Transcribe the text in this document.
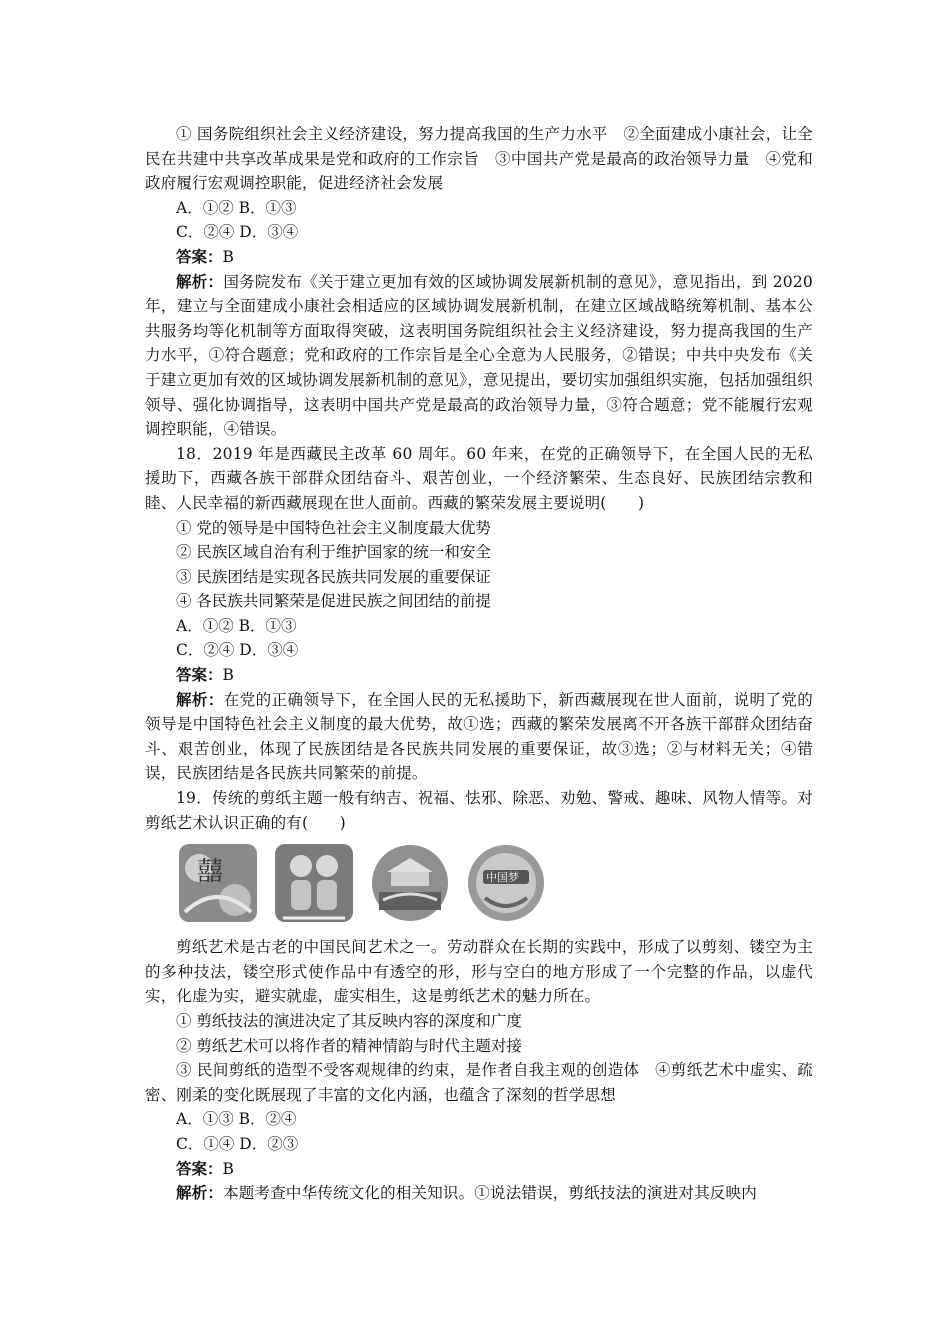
① 国务院组织社会主义经济建设，努力提高我国的生产力水平　②全面建成小康社会，让全民在共建中共享改革成果是党和政府的工作宗旨　③中国共产党是最高的政治领导力量　④党和政府履行宏观调控职能，促进经济社会发展

A．①② B．①③

C．②④ D．③④

答案：B

解析：国务院发布《关于建立更加有效的区域协调发展新机制的意见》，意见指出，到 2020 年，建立与全面建成小康社会相适应的区域协调发展新机制，在建立区域战略统筹机制、基本公共服务均等化机制等方面取得突破，这表明国务院组织社会主义经济建设，努力提高我国的生产力水平，①符合题意；党和政府的工作宗旨是全心全意为人民服务，②错误；中共中央发布《关于建立更加有效的区域协调发展新机制的意见》，意见提出，要切实加强组织实施，包括加强组织领导、强化协调指导，这表明中国共产党是最高的政治领导力量，③符合题意；党不能履行宏观调控职能，④错误。

18．2019 年是西藏民主改革 60 周年。60 年来，在党的正确领导下，在全国人民的无私援助下，西藏各族干部群众团结奋斗、艰苦创业，一个经济繁荣、生态良好、民族团结宗教和睦、人民幸福的新西藏展现在世人面前。西藏的繁荣发展主要说明(　　)

① 党的领导是中国特色社会主义制度最大优势

② 民族区域自治有利于维护国家的统一和安全

③ 民族团结是实现各民族共同发展的重要保证

④ 各民族共同繁荣是促进民族之间团结的前提

A．①② B．①③

C．②④ D．③④

答案：B

解析：在党的正确领导下，在全国人民的无私援助下，新西藏展现在世人面前，说明了党的领导是中国特色社会主义制度的最大优势，故①选；西藏的繁荣发展离不开各族干部群众团结奋斗、艰苦创业，体现了民族团结是各民族共同发展的重要保证，故③选；②与材料无关；④错误，民族团结是各民族共同繁荣的前提。

19．传统的剪纸主题一般有纳吉、祝福、怯邪、除恶、劝勉、警戒、趣味、风物人情等。对剪纸艺术认识正确的有(　　)

囍	中国梦

剪纸艺术是古老的中国民间艺术之一。劳动群众在长期的实践中，形成了以剪刻、镂空为主的多种技法，镂空形式使作品中有透空的形，形与空白的地方形成了一个完整的作品，以虚代实，化虚为实，避实就虚，虚实相生，这是剪纸艺术的魅力所在。

① 剪纸技法的演进决定了其反映内容的深度和广度

② 剪纸艺术可以将作者的精神情韵与时代主题对接

③ 民间剪纸的造型不受客观规律的约束，是作者自我主观的创造体　④剪纸艺术中虚实、疏密、刚柔的变化既展现了丰富的文化内涵，也蕴含了深刻的哲学思想

A．①③ B．②④

C．①④ D．②③

答案：B

解析：本题考查中华传统文化的相关知识。①说法错误，剪纸技法的演进对其反映内
